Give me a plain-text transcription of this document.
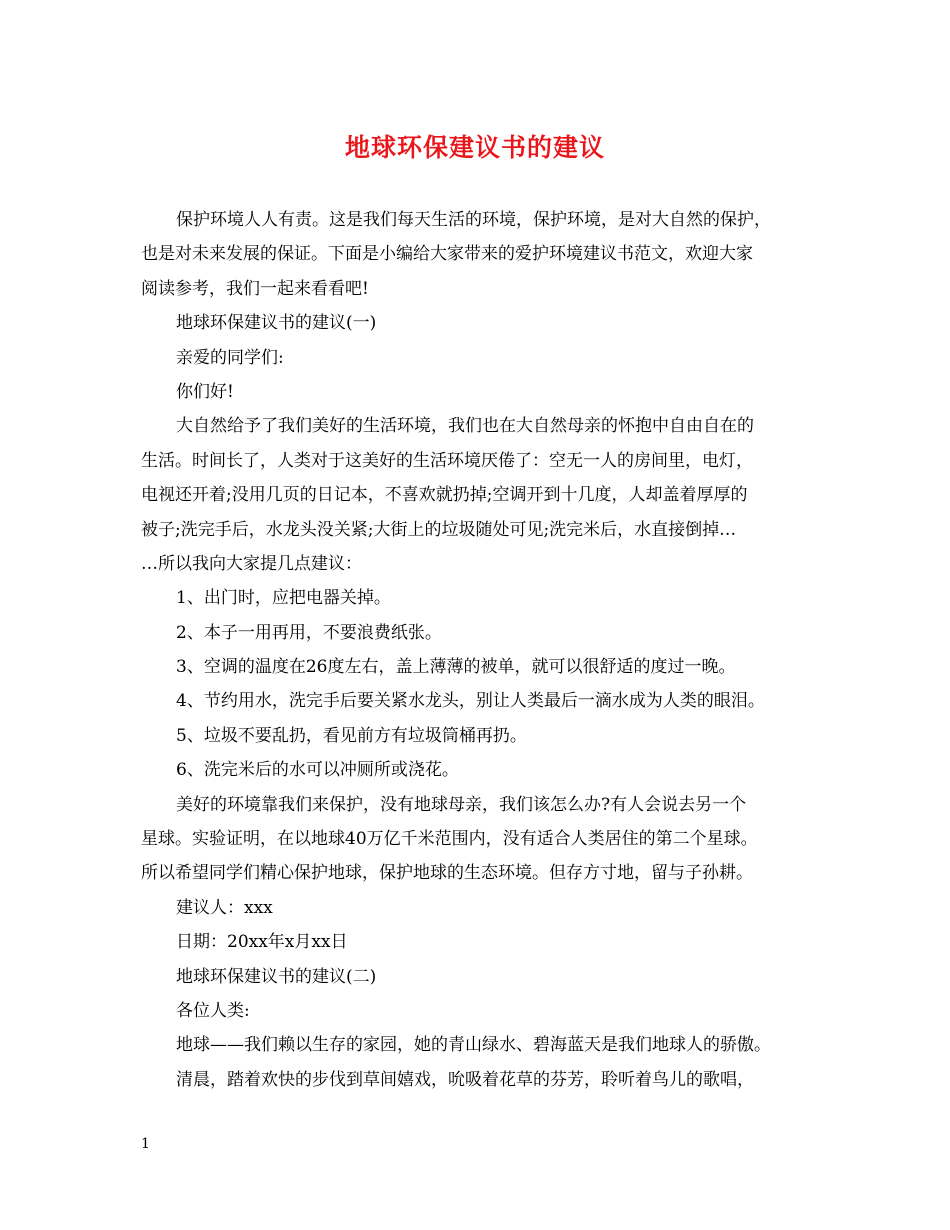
地球环保建议书的建议
保护环境人人有责。这是我们每天生活的环境，保护环境，是对大自然的保护，
也是对未来发展的保证。下面是小编给大家带来的爱护环境建议书范文，欢迎大家
阅读参考，我们一起来看看吧!
地球环保建议书的建议(一)
亲爱的同学们:
你们好!
大自然给予了我们美好的生活环境，我们也在大自然母亲的怀抱中自由自在的
生活。时间长了，人类对于这美好的生活环境厌倦了：空无一人的房间里，电灯，
电视还开着;没用几页的日记本，不喜欢就扔掉;空调开到十几度，人却盖着厚厚的
被子;洗完手后，水龙头没关紧;大街上的垃圾随处可见;洗完米后，水直接倒掉…
…所以我向大家提几点建议：
1、出门时，应把电器关掉。
2、本子一用再用，不要浪费纸张。
3、空调的温度在26度左右，盖上薄薄的被单，就可以很舒适的度过一晚。
4、节约用水，洗完手后要关紧水龙头，别让人类最后一滴水成为人类的眼泪。
5、垃圾不要乱扔，看见前方有垃圾筒桶再扔。
6、洗完米后的水可以冲厕所或浇花。
美好的环境靠我们来保护，没有地球母亲，我们该怎么办?有人会说去另一个
星球。实验证明，在以地球40万亿千米范围内，没有适合人类居住的第二个星球。
所以希望同学们精心保护地球，保护地球的生态环境。但存方寸地，留与子孙耕。
建议人：xxx
日期：20xx年x月xx日
地球环保建议书的建议(二)
各位人类:
地球——我们赖以生存的家园，她的青山绿水、碧海蓝天是我们地球人的骄傲。
清晨，踏着欢快的步伐到草间嬉戏，吮吸着花草的芬芳，聆听着鸟儿的歌唱，
1
